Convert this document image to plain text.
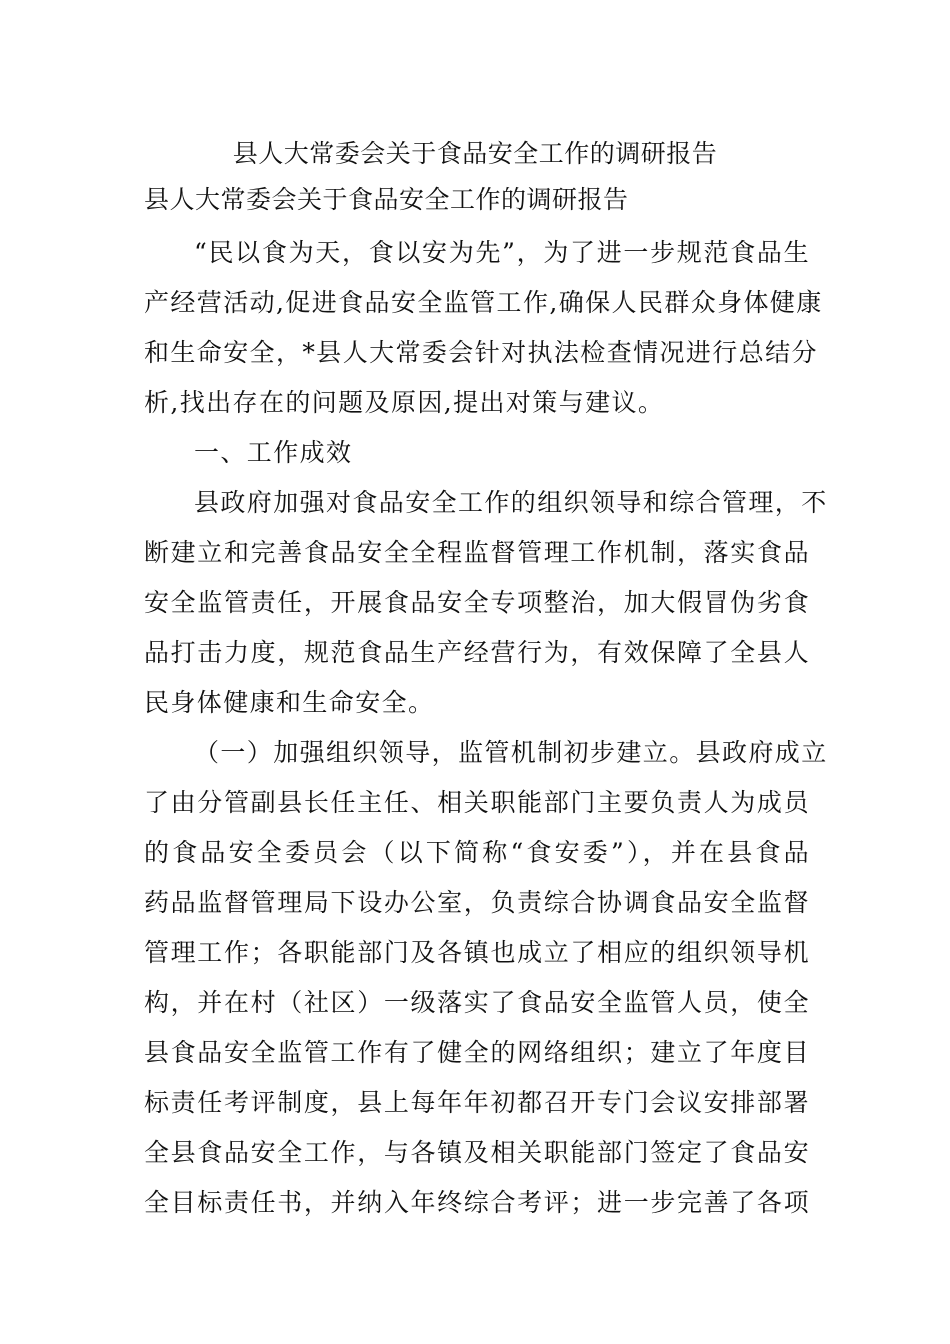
县人大常委会关于食品安全工作的调研报告
县人大常委会关于食品安全工作的调研报告

“民以食为天，食以安为先”，为了进一步规范食品生
产经营活动,促进食品安全监管工作,确保人民群众身体健康
和生命安全，*县人大常委会针对执法检查情况进行总结分
析,找出存在的问题及原因,提出对策与建议。

一、工作成效

县政府加强对食品安全工作的组织领导和综合管理，不
断建立和完善食品安全全程监督管理工作机制，落实食品
安全监管责任，开展食品安全专项整治，加大假冒伪劣食
品打击力度，规范食品生产经营行为，有效保障了全县人
民身体健康和生命安全。

（一）加强组织领导，监管机制初步建立。县政府成立
了由分管副县长任主任、相关职能部门主要负责人为成员
的食品安全委员会（以下简称“食安委”），并在县食品
药品监督管理局下设办公室，负责综合协调食品安全监督
管理工作；各职能部门及各镇也成立了相应的组织领导机
构，并在村（社区）一级落实了食品安全监管人员，使全
县食品安全监管工作有了健全的网络组织；建立了年度目
标责任考评制度，县上每年年初都召开专门会议安排部署
全县食品安全工作，与各镇及相关职能部门签定了食品安
全目标责任书，并纳入年终综合考评；进一步完善了各项
